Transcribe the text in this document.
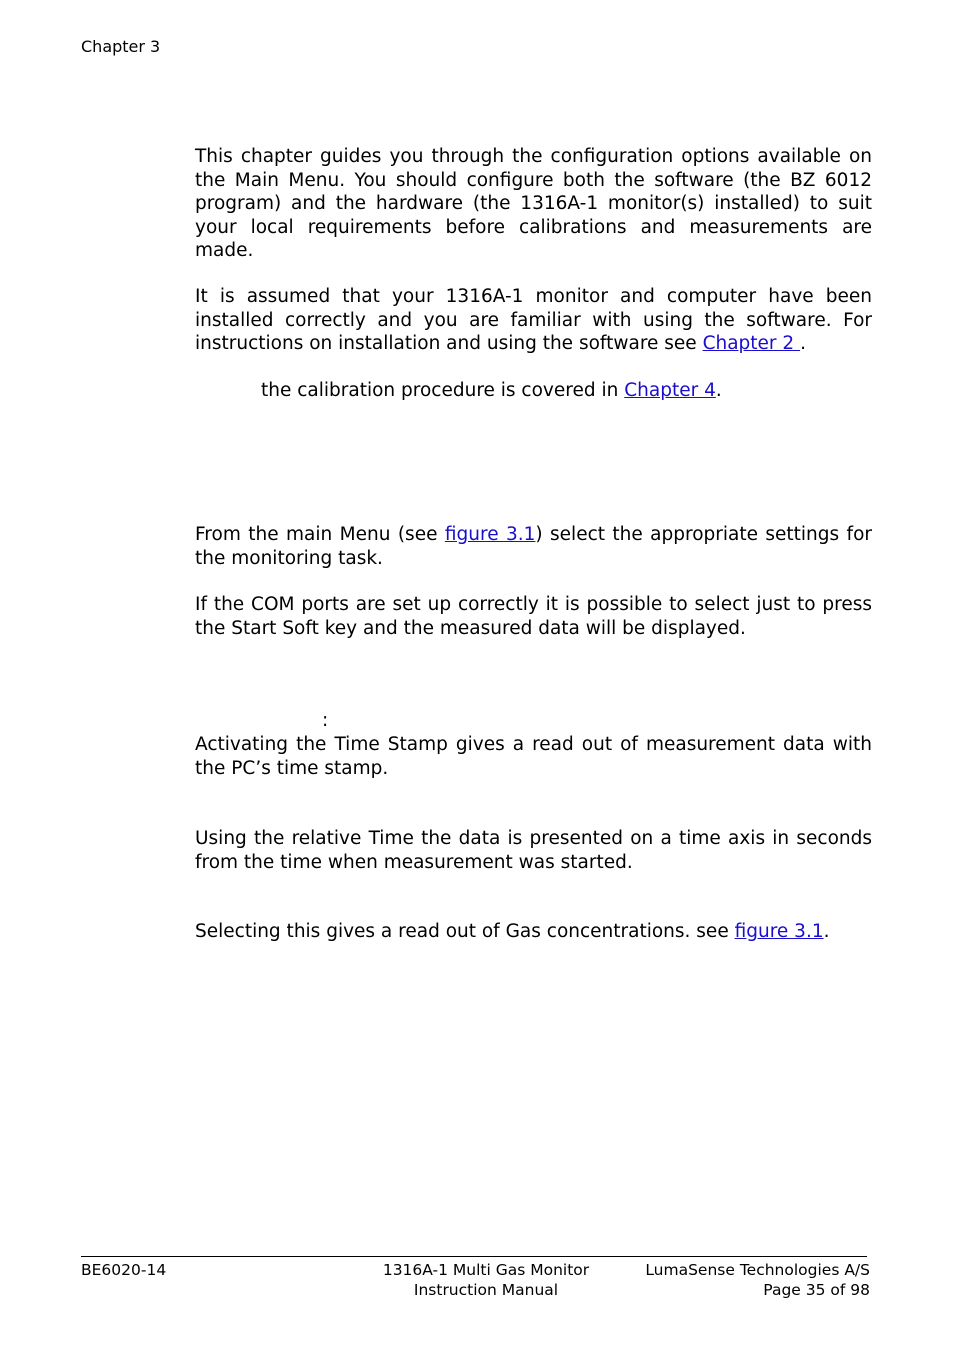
Chapter 3

This chapter guides you through the configuration options available on the Main Menu. You should configure both the software (the BZ 6012 program) and the hardware (the 1316A-1 monitor(s) installed) to suit your local requirements before calibrations and measurements are made.

It is assumed that your 1316A-1 monitor and computer have been installed correctly and you are familiar with using the software. For instructions on installation and using the software see Chapter 2 .

the calibration procedure is covered in Chapter 4.

From the main Menu (see figure 3.1) select the appropriate settings for the monitoring task.

If the COM ports are set up correctly it is possible to select just to press the Start Soft key and the measured data will be displayed.

:

Activating the Time Stamp gives a read out of measurement data with the PC’s time stamp.

Using the relative Time the data is presented on a time axis in seconds from the time when measurement was started.

Selecting this gives a read out of Gas concentrations. see figure 3.1.

BE6020-14	1316A-1 Multi Gas Monitor
Instruction Manual
LumaSense Technologies A/S
Page 35 of 98
